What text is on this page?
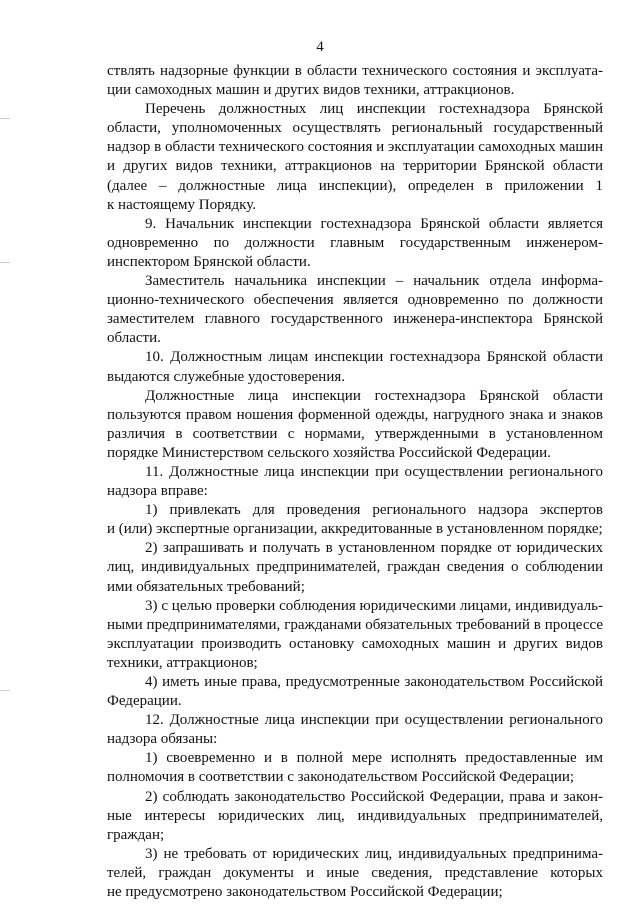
4

ствлять надзорные функции в области технического состояния и эксплуата-
ции самоходных машин и других видов техники, аттракционов.

Перечень должностных лиц инспекции гостехнадзора Брянской
области, уполномоченных осуществлять региональный государственный
надзор в области технического состояния и эксплуатации самоходных машин
и других видов техники, аттракционов на территории Брянской области
(далее – должностные лица инспекции), определен в приложении 1
к настоящему Порядку.

9. Начальник инспекции гостехнадзора Брянской области является
одновременно по должности главным государственным инженером-
инспектором Брянской области.

Заместитель начальника инспекции – начальник отдела информа-
ционно-технического обеспечения является одновременно по должности
заместителем главного государственного инженера-инспектора Брянской
области.

10. Должностным лицам инспекции гостехнадзора Брянской области
выдаются служебные удостоверения.

Должностные лица инспекции гостехнадзора Брянской области
пользуются правом ношения форменной одежды, нагрудного знака и знаков
различия в соответствии с нормами, утвержденными в установленном
порядке Министерством сельского хозяйства Российской Федерации.

11. Должностные лица инспекции при осуществлении регионального
надзора вправе:

1) привлекать для проведения регионального надзора экспертов
и (или) экспертные организации, аккредитованные в установленном порядке;

2) запрашивать и получать в установленном порядке от юридических
лиц, индивидуальных предпринимателей, граждан сведения о соблюдении
ими обязательных требований;

3) с целью проверки соблюдения юридическими лицами, индивидуаль-
ными предпринимателями, гражданами обязательных требований в процессе
эксплуатации производить остановку самоходных машин и других видов
техники, аттракционов;

4) иметь иные права, предусмотренные законодательством Российской
Федерации.

12. Должностные лица инспекции при осуществлении регионального
надзора обязаны:

1) своевременно и в полной мере исполнять предоставленные им
полномочия в соответствии с законодательством Российской Федерации;

2) соблюдать законодательство Российской Федерации, права и закон-
ные интересы юридических лиц, индивидуальных предпринимателей,
граждан;

3) не требовать от юридических лиц, индивидуальных предпринима-
телей, граждан документы и иные сведения, представление которых
не предусмотрено законодательством Российской Федерации;
